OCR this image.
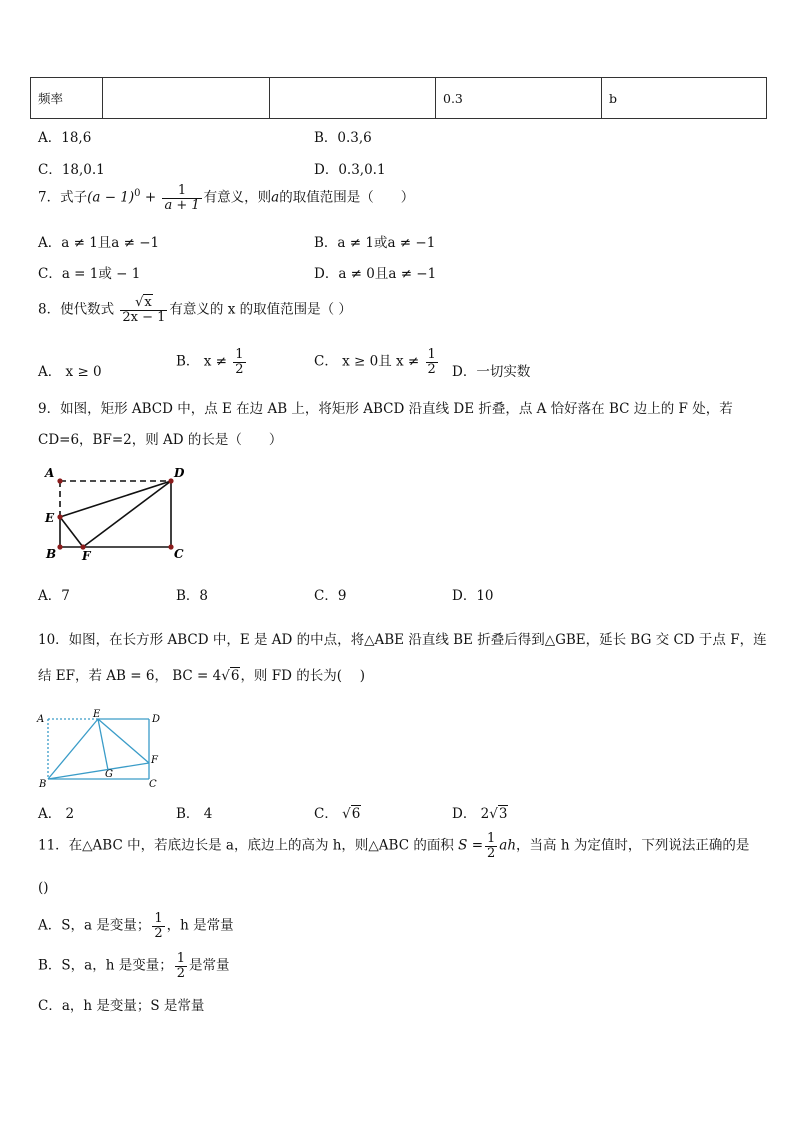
频率			0.3	b
A．18,6	B．0.3,6
C．18,0.1	D．0.3,0.1
7．式子$(a - 1)^0 + \frac{1}{a + 1}$ 有意义，则a的取值范围是（　　）
A．a ≠ 1且a ≠ −1	B．a ≠ 1或a ≠ −1
C．a = 1或 − 1	D．a ≠ 0且a ≠ −1
8．使代数式 $\frac{√x}{2x - 1}$ 有意义的 x 的取值范围是（ ）
A． x ≥ 0
B． $x \ne \frac{1}{2}$	C． x ≥ 0且 $x \ne \frac{1}{2}$ D．一切实数
9．如图，矩形 ABCD 中，点 E 在边 AB 上，将矩形 ABCD 沿直线 DE 折叠，点 A 恰好落在 BC 边上的 F 处，若
CD=6，BF=2，则 AD 的长是（　　）
A	D
E
B F	C
A．7	B．8	C．9	D．10
10．如图，在长方形 ABCD 中，E 是 AD 的中点，将△ABE 沿直线 BE 折叠后得到△GBE，延长 BG 交 CD 于点 F，连
结 EF，若 AB = 6， BC = 4√6，则 FD 的长为(　 )
A	E	D
F
G
B	C
A． 2	B． 4	C． √6	D． 2√3
11．在△ABC 中，若底边长是 a，底边上的高为 h，则△ABC 的面积 $S = \frac{1}{2}$ ah，当高 h 为定值时，下列说法正确的是
()
A．S，a 是变量； $\frac{1}{2}$ ，h 是常量
B．S，a，h 是变量； $\frac{1}{2}$ 是常量
C．a，h 是变量；S 是常量
